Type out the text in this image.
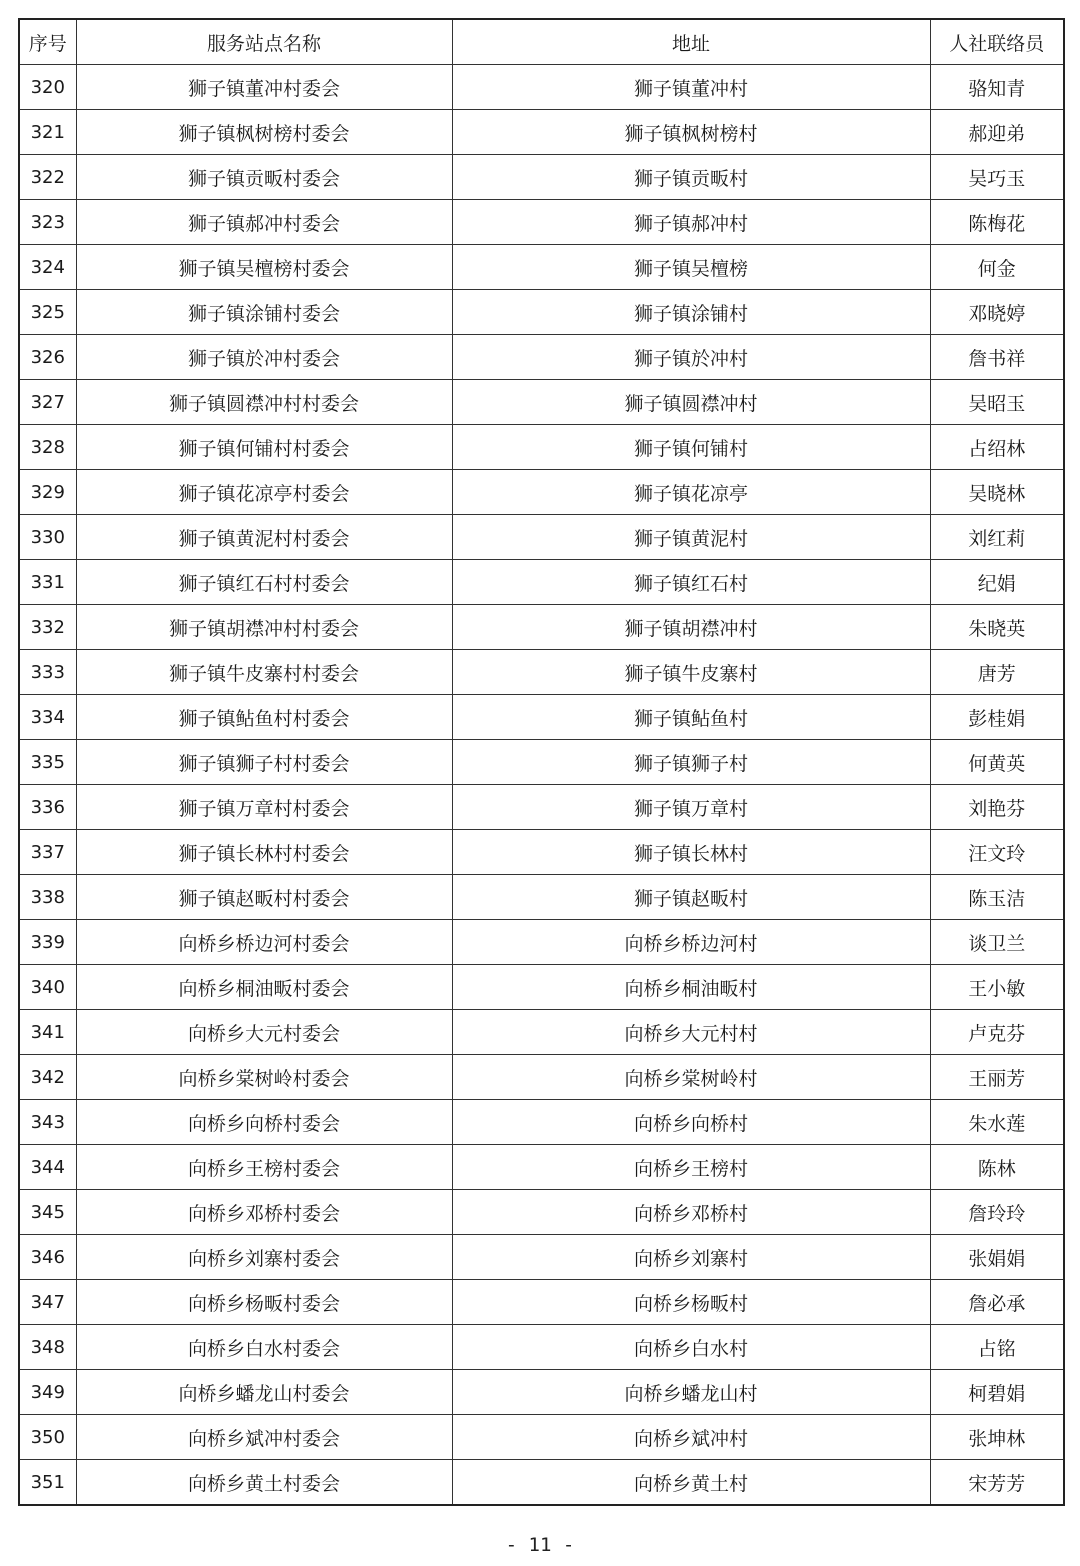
序号	服务站点名称	地址	人社联络员
320	狮子镇董冲村委会	狮子镇董冲村	骆知青
321	狮子镇枫树榜村委会	狮子镇枫树榜村	郝迎弟
322	狮子镇贡畈村委会	狮子镇贡畈村	吴巧玉
323	狮子镇郝冲村委会	狮子镇郝冲村	陈梅花
324	狮子镇吴檀榜村委会	狮子镇吴檀榜	何金
325	狮子镇涂铺村委会	狮子镇涂铺村	邓晓婷
326	狮子镇於冲村委会	狮子镇於冲村	詹书祥
327	狮子镇圆襟冲村村委会	狮子镇圆襟冲村	吴昭玉
328	狮子镇何铺村村委会	狮子镇何铺村	占绍林
329	狮子镇花凉亭村委会	狮子镇花凉亭	吴晓林
330	狮子镇黄泥村村委会	狮子镇黄泥村	刘红莉
331	狮子镇红石村村委会	狮子镇红石村	纪娟
332	狮子镇胡襟冲村村委会	狮子镇胡襟冲村	朱晓英
333	狮子镇牛皮寨村村委会	狮子镇牛皮寨村	唐芳
334	狮子镇鲇鱼村村委会	狮子镇鲇鱼村	彭桂娟
335	狮子镇狮子村村委会	狮子镇狮子村	何黄英
336	狮子镇万章村村委会	狮子镇万章村	刘艳芬
337	狮子镇长林村村委会	狮子镇长林村	汪文玲
338	狮子镇赵畈村村委会	狮子镇赵畈村	陈玉洁
339	向桥乡桥边河村委会	向桥乡桥边河村	谈卫兰
340	向桥乡桐油畈村委会	向桥乡桐油畈村	王小敏
341	向桥乡大元村委会	向桥乡大元村村	卢克芬
342	向桥乡棠树岭村委会	向桥乡棠树岭村	王丽芳
343	向桥乡向桥村委会	向桥乡向桥村	朱水莲
344	向桥乡王榜村委会	向桥乡王榜村	陈林
345	向桥乡邓桥村委会	向桥乡邓桥村	詹玲玲
346	向桥乡刘寨村委会	向桥乡刘寨村	张娟娟
347	向桥乡杨畈村委会	向桥乡杨畈村	詹必承
348	向桥乡白水村委会	向桥乡白水村	占铭
349	向桥乡蟠龙山村委会	向桥乡蟠龙山村	柯碧娟
350	向桥乡斌冲村委会	向桥乡斌冲村	张坤林
351	向桥乡黄土村委会	向桥乡黄土村	宋芳芳
- 11 -
